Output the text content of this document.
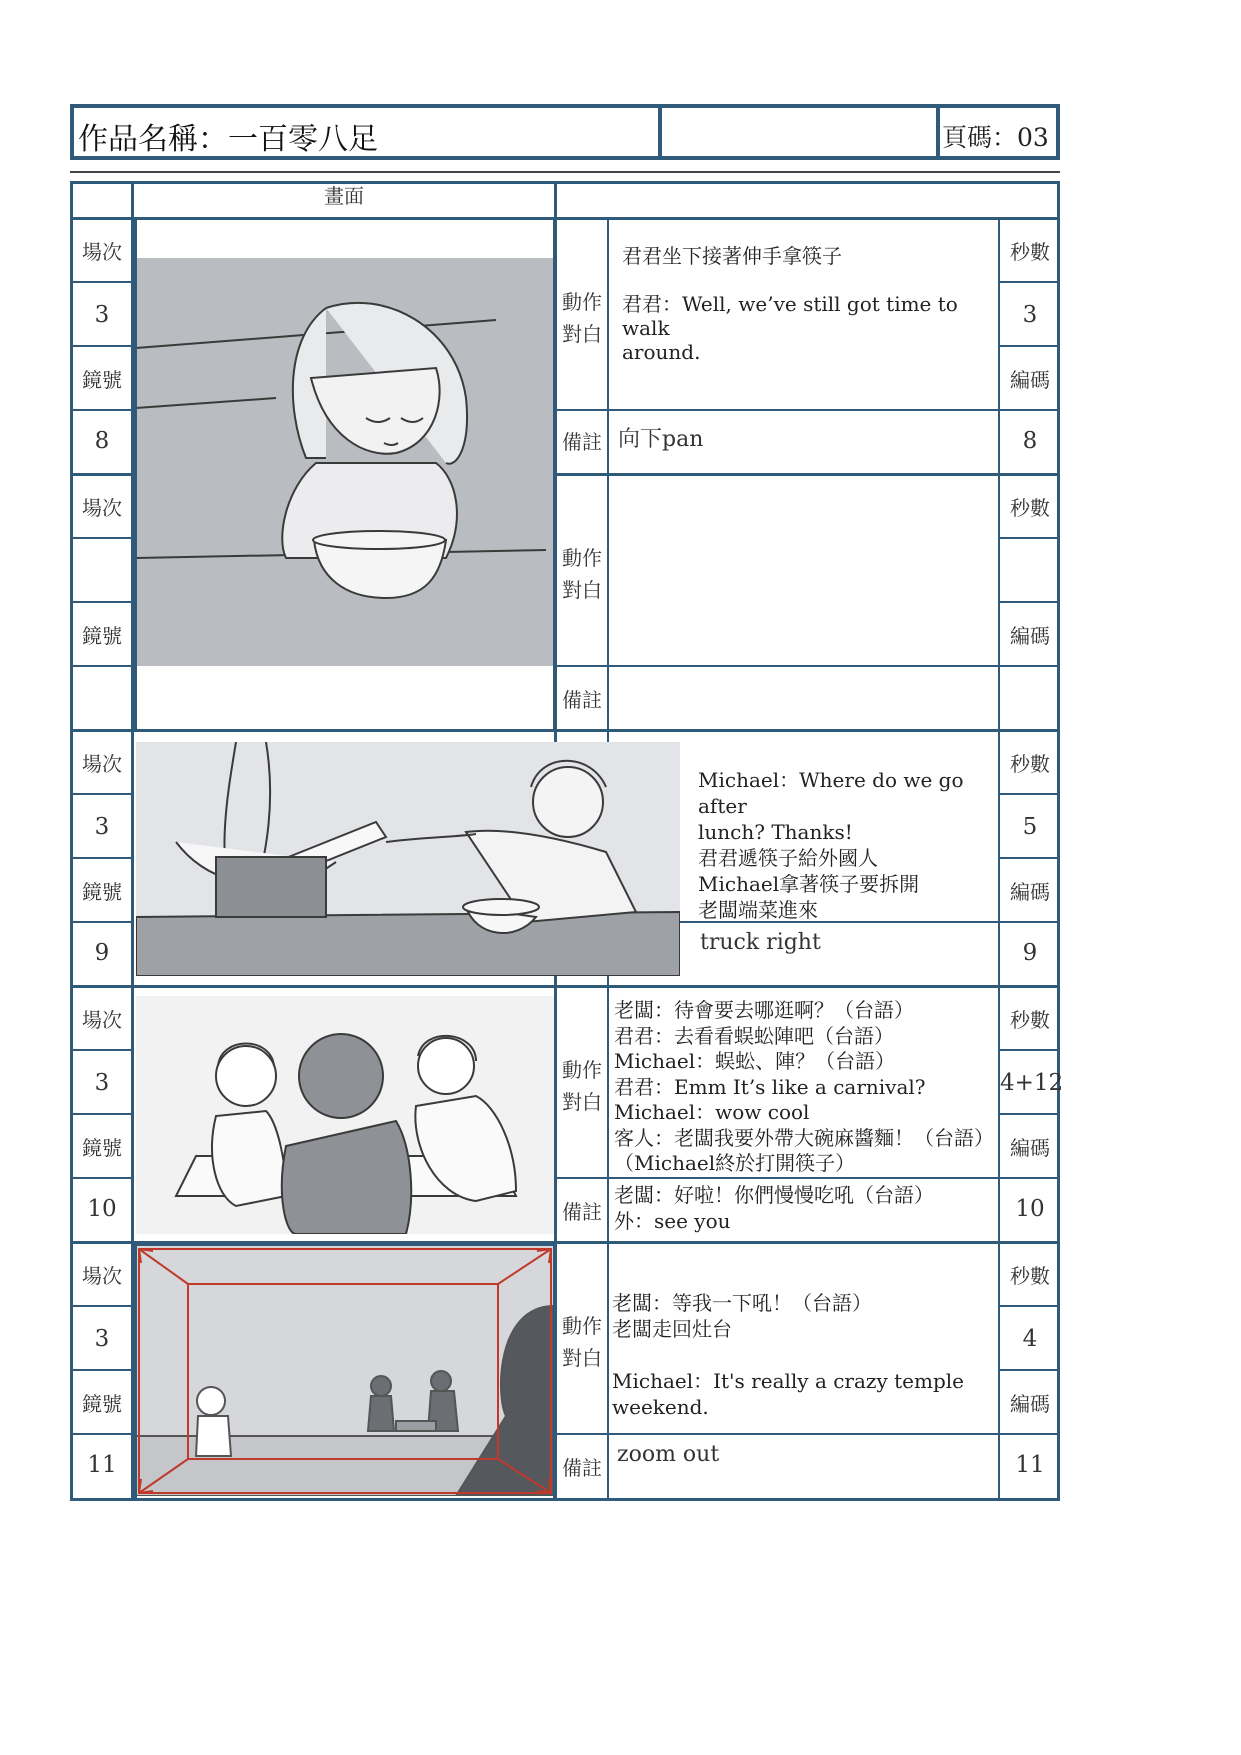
作品名稱：一百零八足	頁碼：03
畫面
場次
3
鏡號
8
場次
鏡號
場次
3
鏡號
9
場次
3
鏡號
10
場次
3
鏡號
11
秒數
3
編碼
8
秒數
編碼
秒數
5
編碼
9
秒數
4+12
編碼
10
秒數
4
編碼
11
動作
對白
備註
動作
對白
備註
動作
對白
備註
動作
對白
備註
君君坐下接著伸手拿筷子

君君：Well, we’ve still got time to walk
around.
向下pan
Michael：Where do we go after
lunch? Thanks!
君君遞筷子給外國人
Michael拿著筷子要拆開
老闆端菜進來
truck right
老闆：待會要去哪逛啊？（台語）
君君：去看看蜈蚣陣吧（台語）
Michael：蜈蚣、陣？（台語）
君君：Emm It’s like a carnival?
Michael：wow cool
客人：老闆我要外帶大碗麻醬麵！（台語）
（Michael終於打開筷子）
老闆：好啦！你們慢慢吃吼（台語）
外：see you
老闆：等我一下吼！（台語）
老闆走回灶台

Michael：It's really a crazy temple weekend.
zoom out
